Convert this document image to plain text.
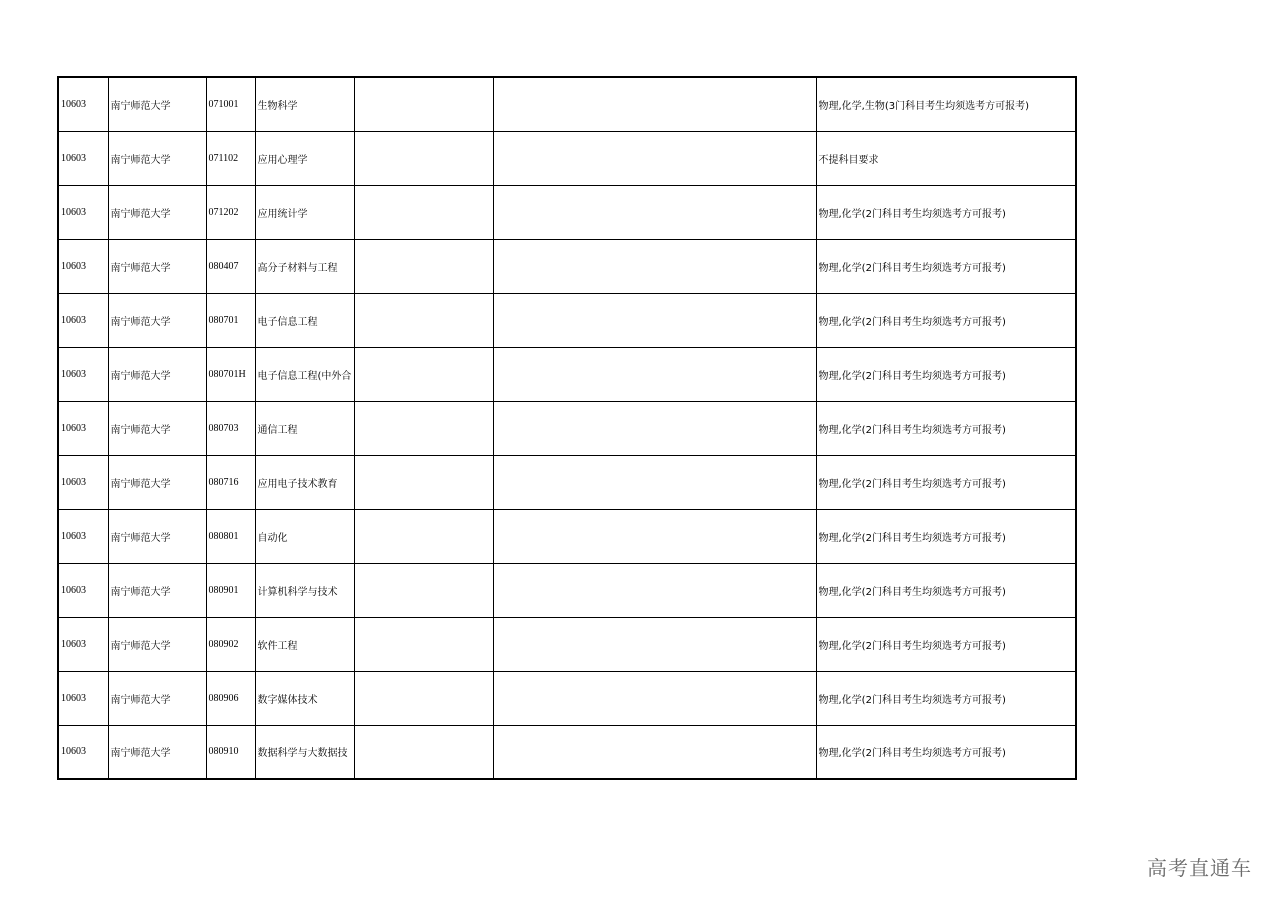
10603	南宁师范大学	071001	生物科学			物理,化学,生物(3门科目考生均须选考方可报考)
10603	南宁师范大学	071102	应用心理学			不提科目要求
10603	南宁师范大学	071202	应用统计学			物理,化学(2门科目考生均须选考方可报考)
10603	南宁师范大学	080407	高分子材料与工程			物理,化学(2门科目考生均须选考方可报考)
10603	南宁师范大学	080701	电子信息工程			物理,化学(2门科目考生均须选考方可报考)
10603	南宁师范大学	080701H	电子信息工程(中外合			物理,化学(2门科目考生均须选考方可报考)
10603	南宁师范大学	080703	通信工程			物理,化学(2门科目考生均须选考方可报考)
10603	南宁师范大学	080716	应用电子技术教育			物理,化学(2门科目考生均须选考方可报考)
10603	南宁师范大学	080801	自动化			物理,化学(2门科目考生均须选考方可报考)
10603	南宁师范大学	080901	计算机科学与技术			物理,化学(2门科目考生均须选考方可报考)
10603	南宁师范大学	080902	软件工程			物理,化学(2门科目考生均须选考方可报考)
10603	南宁师范大学	080906	数字媒体技术			物理,化学(2门科目考生均须选考方可报考)
10603	南宁师范大学	080910	数据科学与大数据技			物理,化学(2门科目考生均须选考方可报考)
高考直通车
